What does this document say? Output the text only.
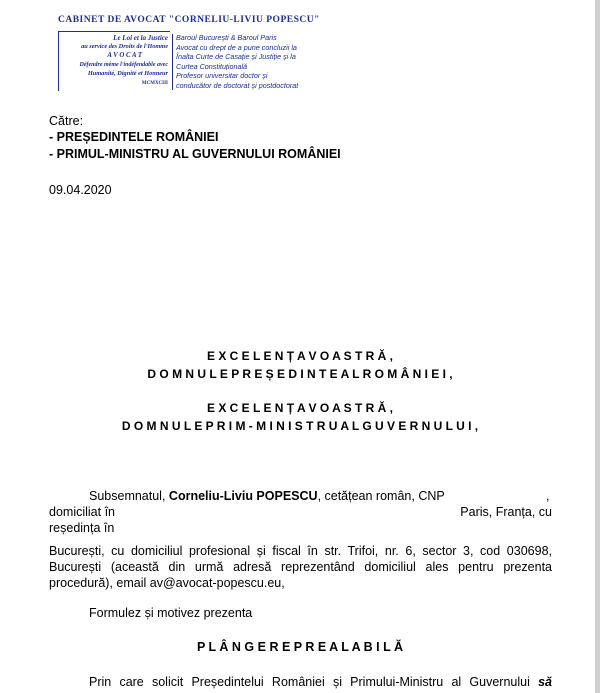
CABINET DE AVOCAT "CORNELIU-LIVIU POPESCU"
Le Loi et la Justice
au service des Droits de l'Homme
A V O C A T
Défendre même l'indéfendable avec
Humanité, Dignité et Honneur
MCMXCIII
Baroul București & Baroul Paris
Avocat cu drept de a pune concluzii la
Înalta Curte de Casație și Justiție și la
Curtea Constituțională
Profesor universitar doctor și
conducător de doctorat și postdoctorat
Către:
- PREȘEDINTELE ROMÂNIEI
- PRIMUL-MINISTRU AL GUVERNULUI ROMÂNIEI
09.04.2020
E X C E L E N Ț A V O A S T R Ă ,
D O M N U L E P R E Ș E D I N T E A L R O M Â N I E I ,
E X C E L E N Ț A V O A S T R Ă ,
D O M N U L E P R I M - M I N I S T R U A L G U V E R N U L U I ,
Subsemnatul, Corneliu-Liviu POPESCU, cetățean român, CNP	,
domiciliat în	Paris, Franța, cu
reședința în
București, cu domiciliul profesional și fiscal în str. Trifoi, nr. 6, sector 3, cod 030698,
București (această din urmă adresă reprezentând domiciliul ales pentru prezenta
procedură), email av@avocat-popescu.eu,
Formulez și motivez prezenta
P L Â N G E R E P R E A L A B I L Ă
Prin care solicit Președintelui României și Primului-Ministru al Guvernului să
